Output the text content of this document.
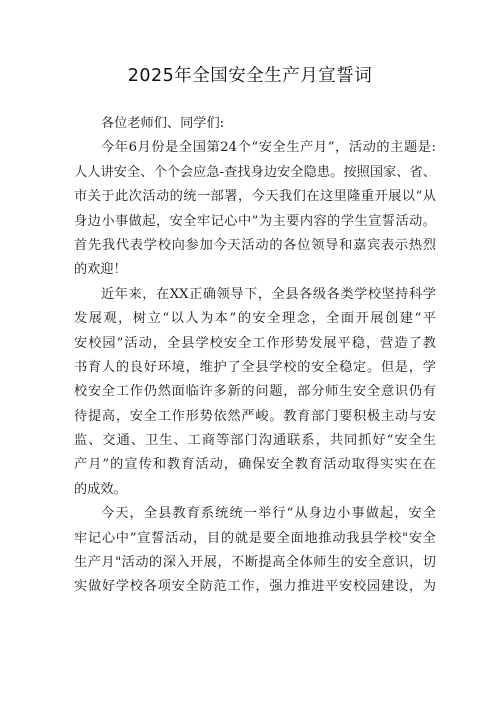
2025年全国安全生产月宣誓词
各位老师们、同学们:
今年6月份是全国第24个“安全生产月”，活动的主题是:
人人讲安全、个个会应急-查找身边安全隐患。按照国家、省、
市关于此次活动的统一部署，今天我们在这里隆重开展以“从
身边小事做起，安全牢记心中”为主要内容的学生宣誓活动。
首先我代表学校向参加今天活动的各位领导和嘉宾表示热烈
的欢迎！
近年来，在XX正确领导下，全县各级各类学校坚持科学
发展观，树立“以人为本”的安全理念，全面开展创建“平
安校园”活动，全县学校安全工作形势发展平稳，营造了教
书育人的良好环境，维护了全县学校的安全稳定。但是，学
校安全工作仍然面临许多新的问题，部分师生安全意识仍有
待提高，安全工作形势依然严峻。教育部门要积极主动与安
监、交通、卫生、工商等部门沟通联系，共同抓好“安全生
产月”的宣传和教育活动，确保安全教育活动取得实实在在
的成效。
今天，全县教育系统统一举行“从身边小事做起，安全
牢记心中”宣誓活动，目的就是要全面地推动我县学校"安全
生产月"活动的深入开展，不断提高全体师生的安全意识，切
实做好学校各项安全防范工作，强力推进平安校园建设，为
